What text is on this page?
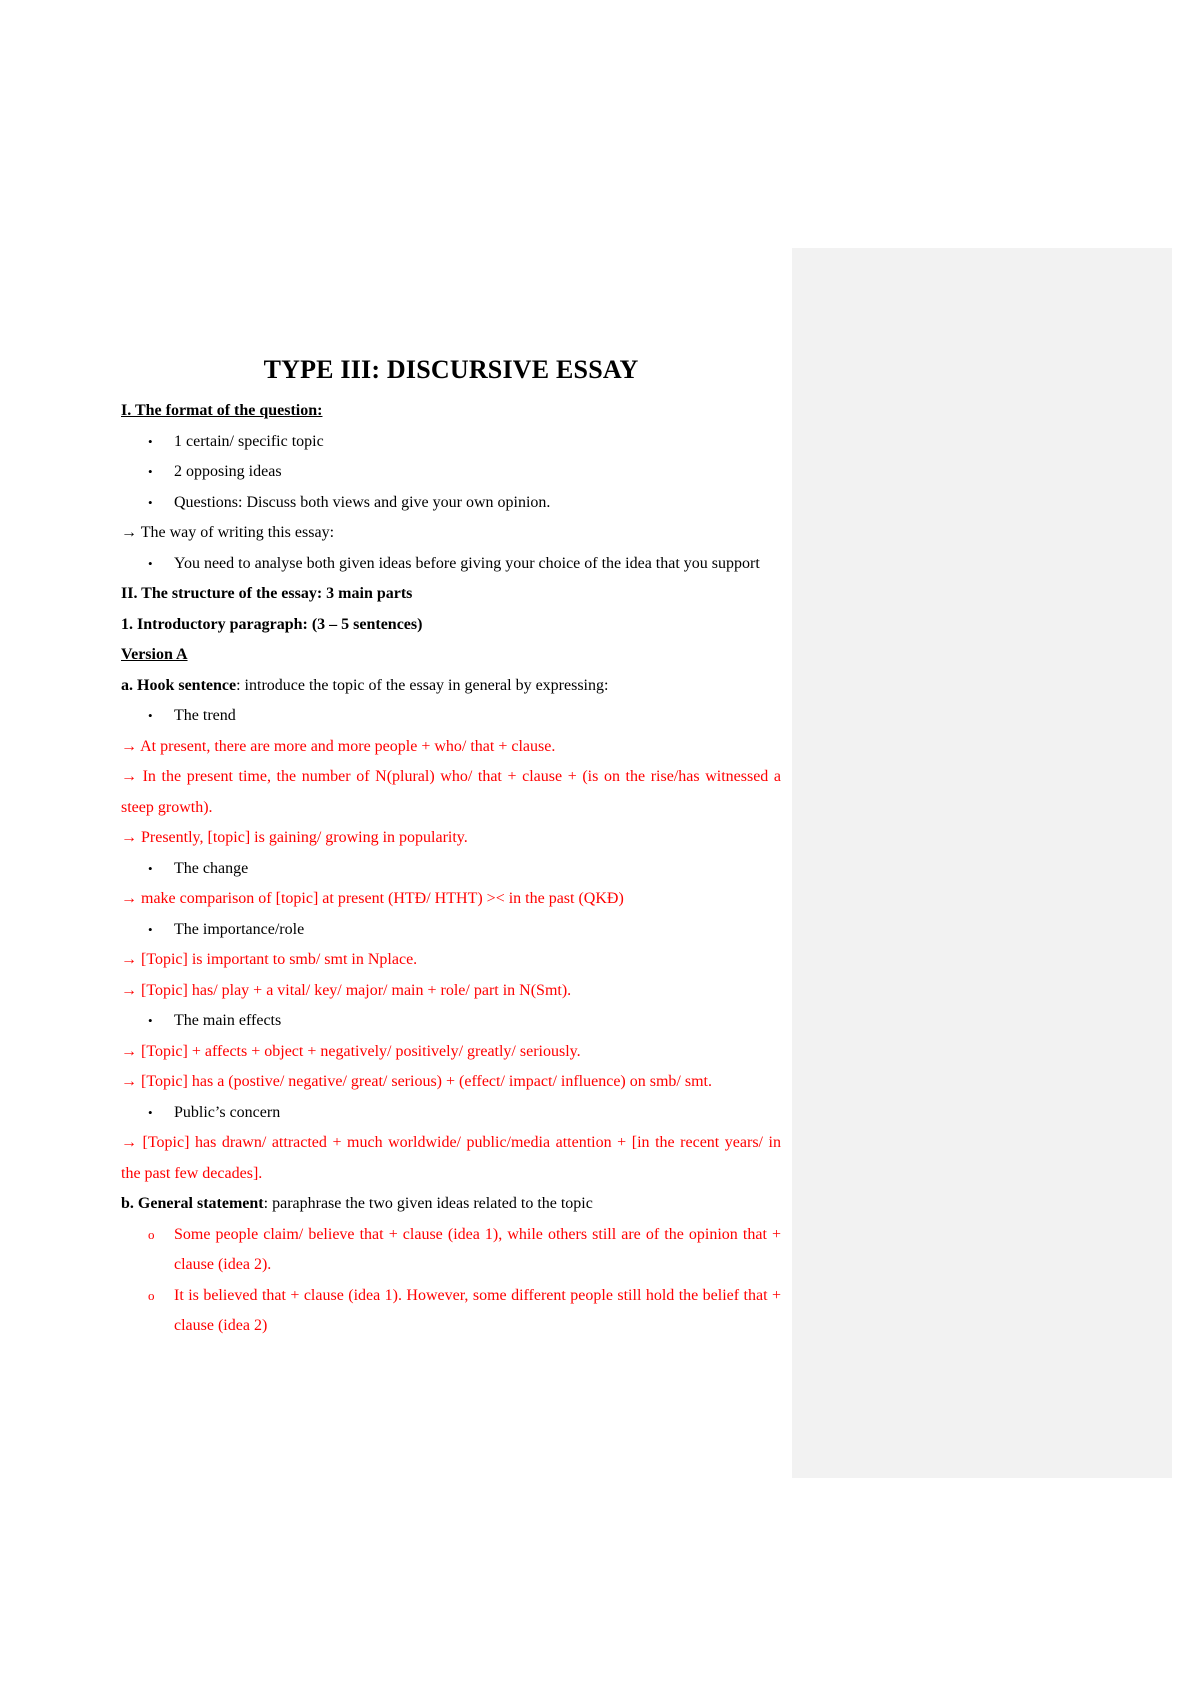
TYPE III: DISCURSIVE ESSAY

I. The format of the question:

• 1 certain/ specific topic

• 2 opposing ideas

• Questions: Discuss both views and give your own opinion.

→ The way of writing this essay:

• You need to analyse both given ideas before giving your choice of the idea that you support

II. The structure of the essay: 3 main parts

1. Introductory paragraph: (3 – 5 sentences)

Version A

a. Hook sentence: introduce the topic of the essay in general by expressing:

• The trend

→ At present, there are more and more people + who/ that + clause.

→ In the present time, the number of N(plural) who/ that + clause + (is on the rise/has witnessed a steep growth).

→ Presently, [topic] is gaining/ growing in popularity.

• The change

→ make comparison of [topic] at present (HTĐ/ HTHT) >< in the past (QKĐ)

• The importance/role

→ [Topic] is important to smb/ smt in Nplace.

→ [Topic] has/ play + a vital/ key/ major/ main + role/ part in N(Smt).

• The main effects

→ [Topic] + affects + object + negatively/ positively/ greatly/ seriously.

→ [Topic] has a (postive/ negative/ great/ serious) + (effect/ impact/ influence) on smb/ smt.

• Public’s concern

→ [Topic] has drawn/ attracted + much worldwide/ public/media attention + [in the recent years/ in the past few decades].

b. General statement: paraphrase the two given ideas related to the topic

o Some people claim/ believe that + clause (idea 1), while others still are of the opinion that + clause (idea 2).

o It is believed that + clause (idea 1). However, some different people still hold the belief that + clause (idea 2)
